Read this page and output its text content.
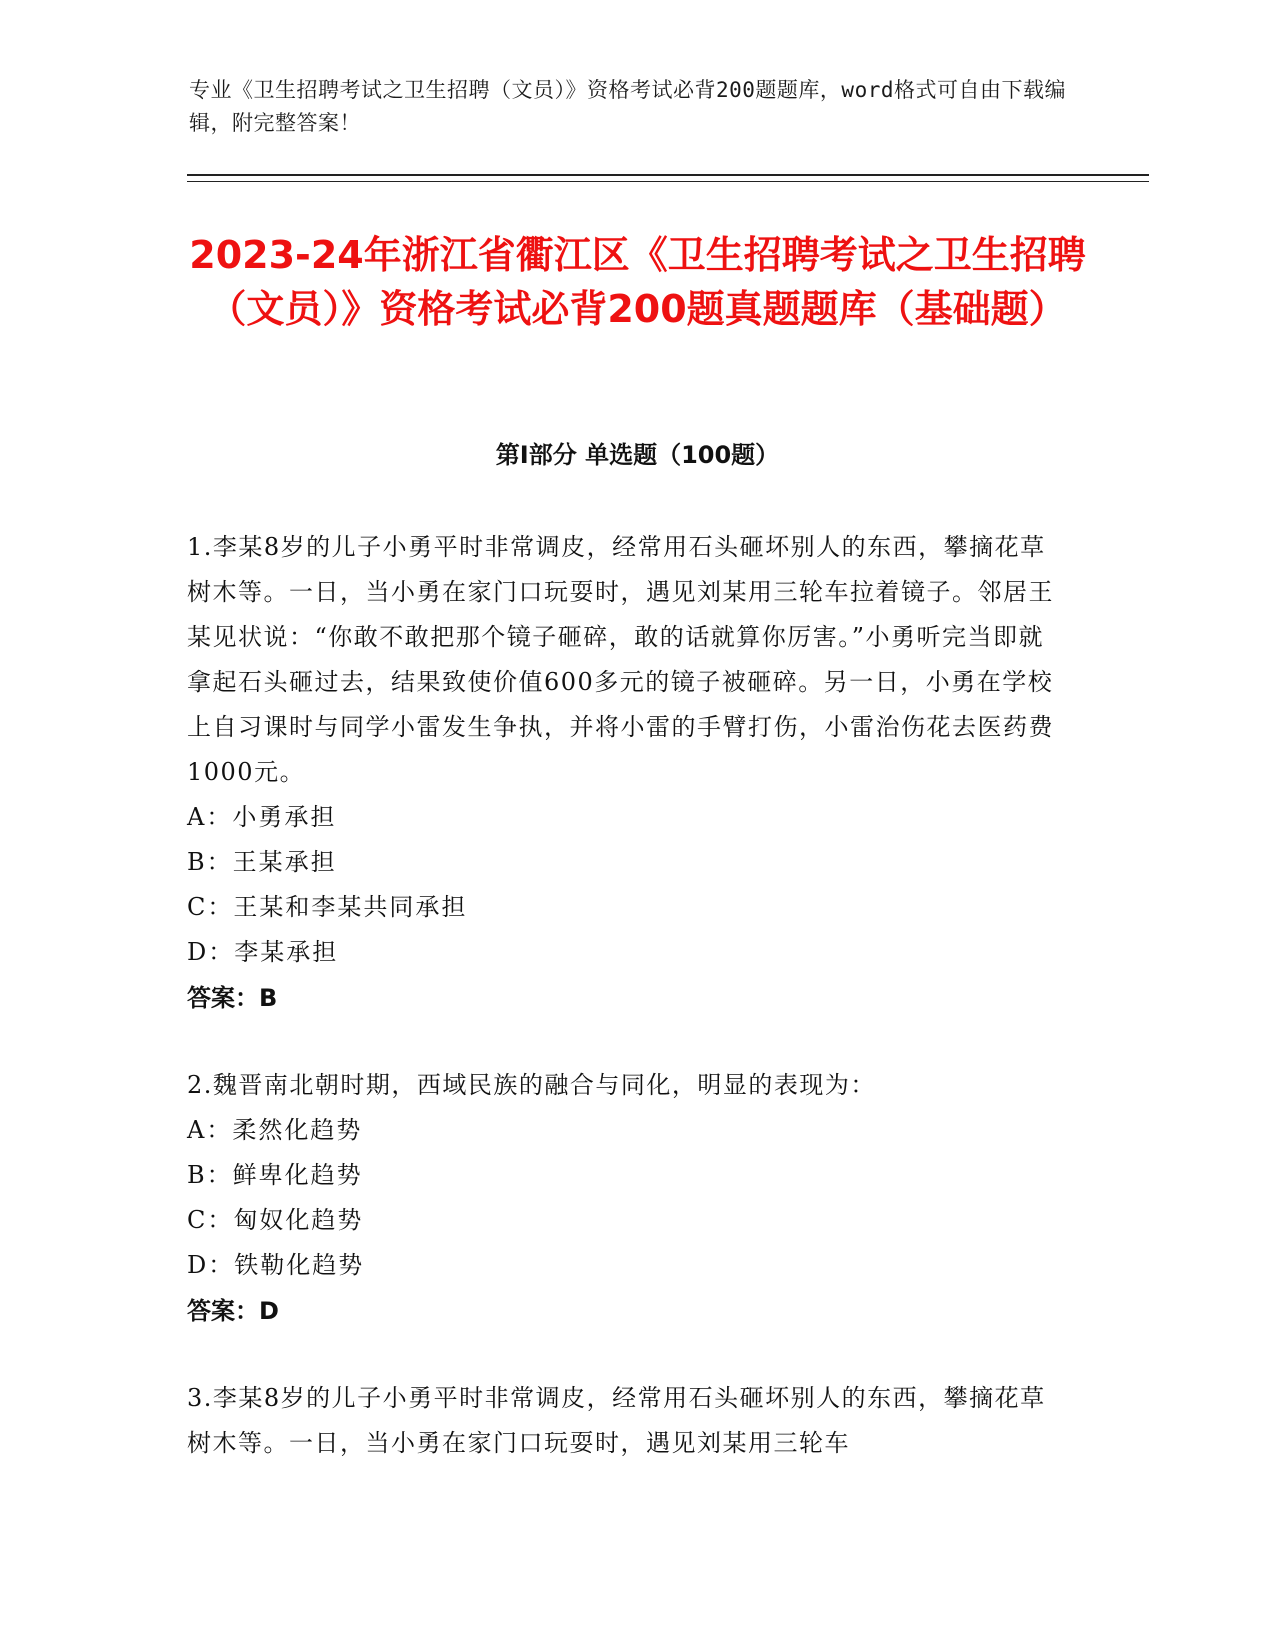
专业《卫生招聘考试之卫生招聘（文员）》资格考试必背200题题库，word格式可自由下载编辑，附完整答案！
2023-24年浙江省衢江区《卫生招聘考试之卫生招聘（文员）》资格考试必背200题真题题库（基础题）
第I部分 单选题（100题）

1.李某8岁的儿子小勇平时非常调皮，经常用石头砸坏别人的东西，攀摘花草树木等。一日，当小勇在家门口玩耍时，遇见刘某用三轮车拉着镜子。邻居王某见状说：“你敢不敢把那个镜子砸碎，敢的话就算你厉害。”小勇听完当即就拿起石头砸过去，结果致使价值600多元的镜子被砸碎。另一日，小勇在学校上自习课时与同学小雷发生争执，并将小雷的手臂打伤，小雷治伤花去医药费1000元。

A：小勇承担

B：王某承担

C：王某和李某共同承担

D：李某承担

答案：B

2.魏晋南北朝时期，西域民族的融合与同化，明显的表现为：

A：柔然化趋势

B：鲜卑化趋势

C：匈奴化趋势

D：铁勒化趋势

答案：D

3.李某8岁的儿子小勇平时非常调皮，经常用石头砸坏别人的东西，攀摘花草树木等。一日，当小勇在家门口玩耍时，遇见刘某用三轮车
